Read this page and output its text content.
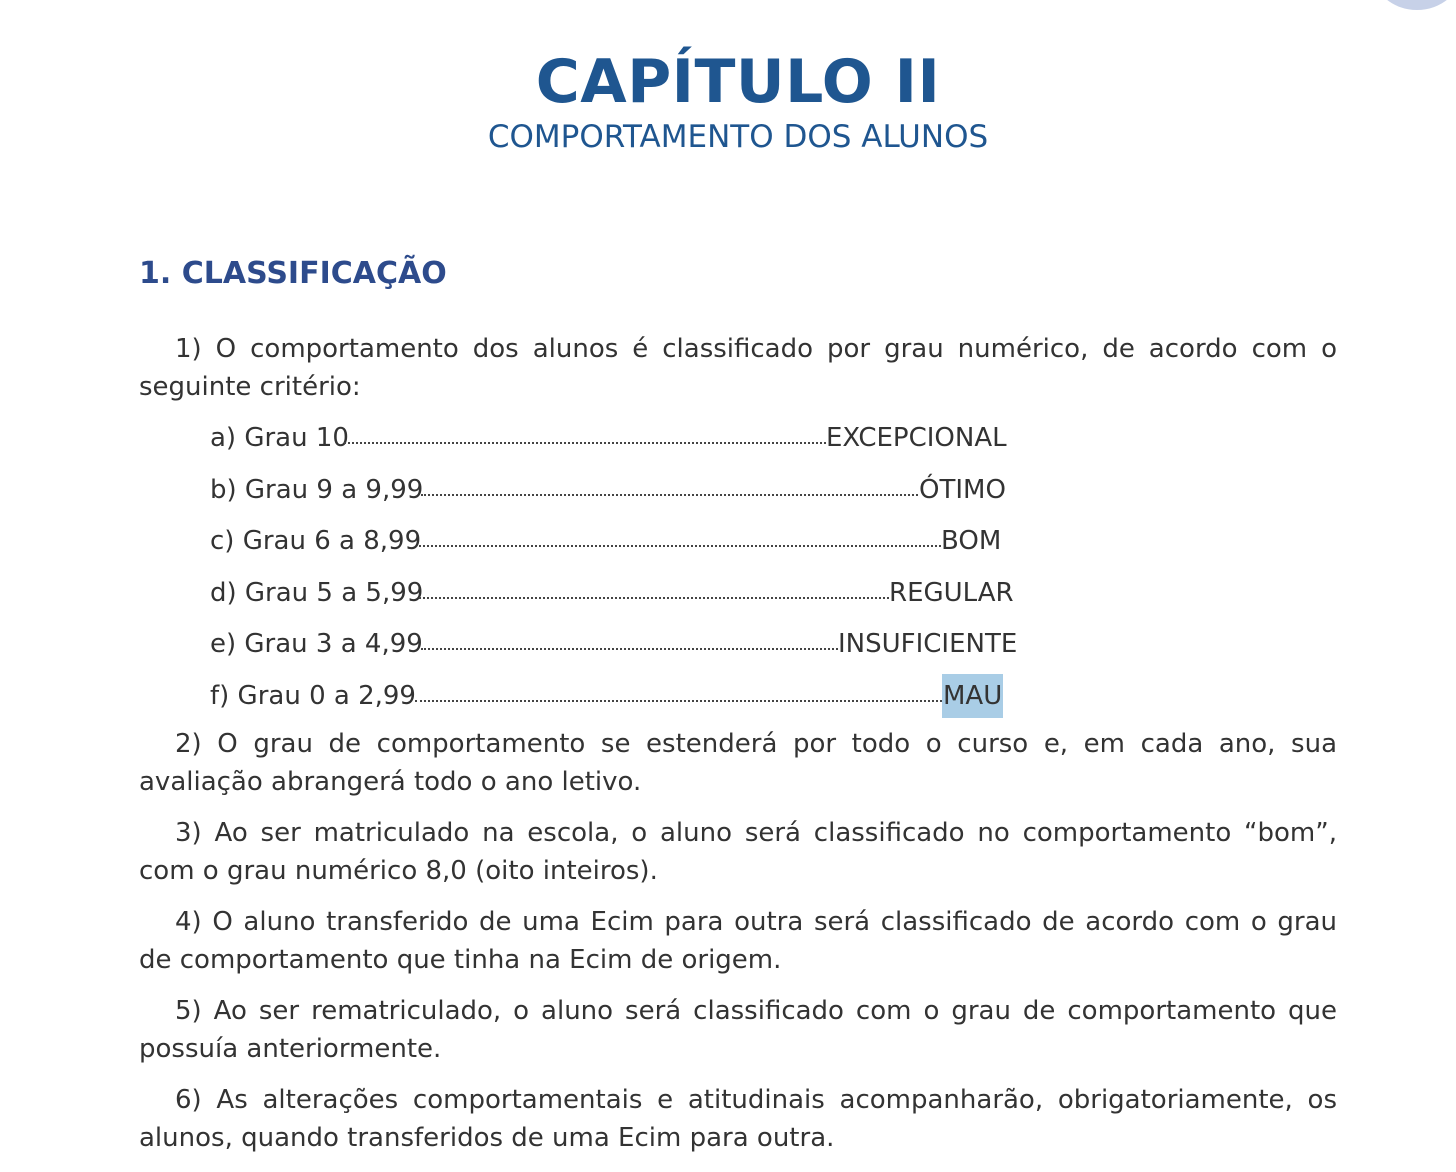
CAPÍTULO II
COMPORTAMENTO DOS ALUNOS
1. CLASSIFICAÇÃO

1) O comportamento dos alunos é classificado por grau numérico, de acordo com o seguinte critério:

a) Grau 10	EXCEPCIONAL
b) Grau 9 a 9,99	ÓTIMO
c) Grau 6 a 8,99	BOM
d) Grau 5 a 5,99	REGULAR
e) Grau 3 a 4,99	INSUFICIENTE
f) Grau 0 a 2,99	MAU

2) O grau de comportamento se estenderá por todo o curso e, em cada ano, sua avaliação abrangerá todo o ano letivo.

3) Ao ser matriculado na escola, o aluno será classificado no comportamento “bom”, com o grau numérico 8,0 (oito inteiros).

4) O aluno transferido de uma Ecim para outra será classificado de acordo com o grau de comportamento que tinha na Ecim de origem.

5) Ao ser rematriculado, o aluno será classificado com o grau de comportamento que possuía anteriormente.

6) As alterações comportamentais e atitudinais acompanharão, obrigatoriamente, os alunos, quando transferidos de uma Ecim para outra.
